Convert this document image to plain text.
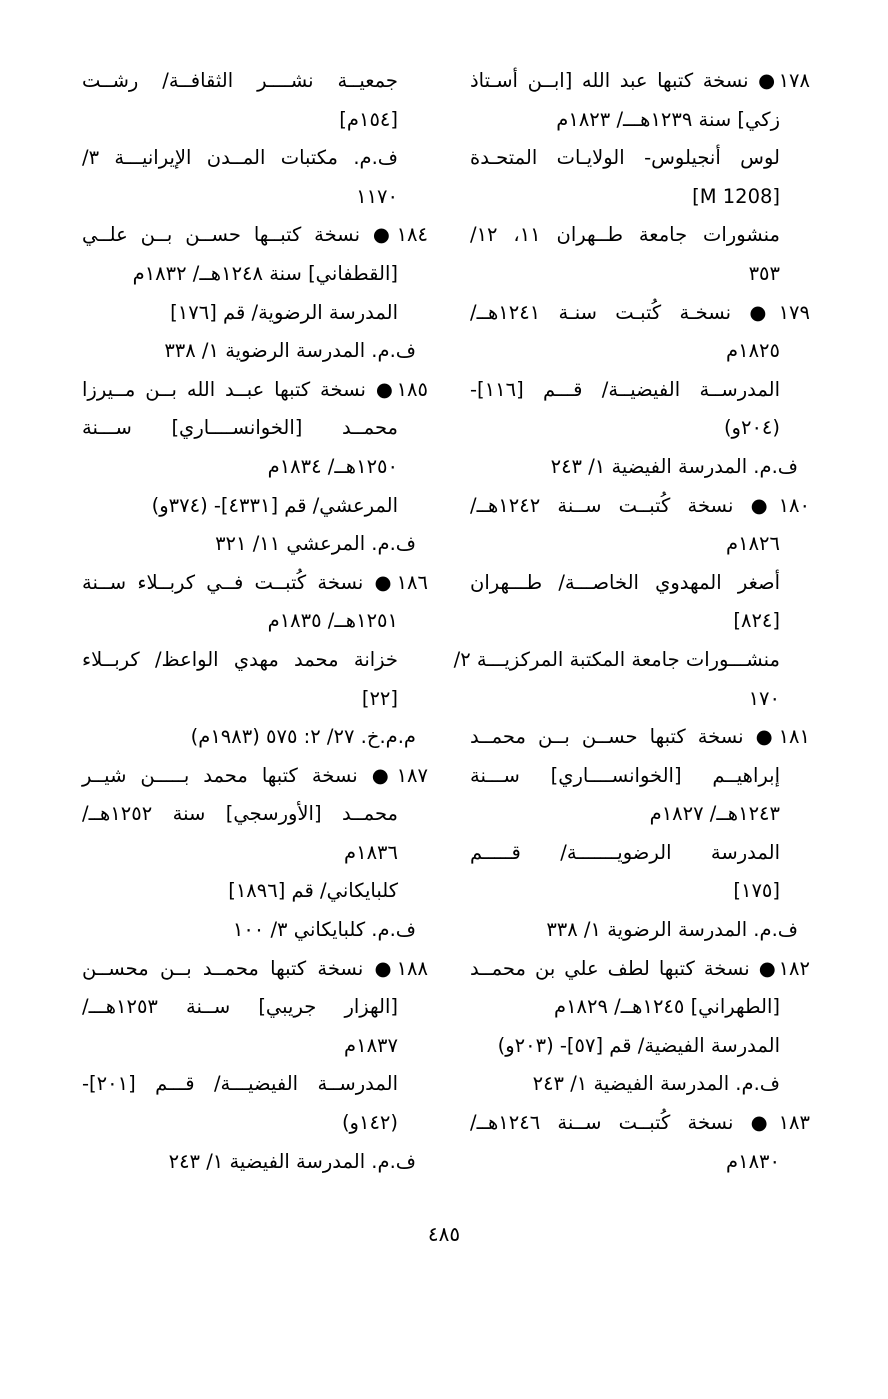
١٧٨● نسخة كتبها عبد الله [ابــن أسـتاذ
زكي] سنة ١٢٣٩هـــ/ ١٨٢٣م
لوس أنجيلوس- الولايـات المتحـدة
[M 1208]
منشورات جامعة طــهران ١١، ١٢/
٣٥٣
١٧٩● نسخـة كُتبـت سنـة ١٢٤١هــ/
١٨٢٥م
المدرســة الفيضيــة/ قـــم [١١٦]-
(٢٠٤و)
ف.م. المدرسة الفيضية ١/ ٢٤٣
١٨٠● نسخة كُتبــت ســنة ١٢٤٢هــ/
١٨٢٦م
أصغر المهدوي الخاصـــة/ طـــهران
[٨٢٤]
منشـــورات جامعة المكتبة المركزيـــة ٢/
١٧٠
١٨١● نسخة كتبها حســن بــن محمــد
إبراهيــم [الخوانســــاري] ســـنة
١٢٤٣هــ/ ١٨٢٧م
المدرسة الرضويـــــــة/ قـــــم
[١٧٥]
ف.م. المدرسة الرضوية ١/ ٣٣٨
١٨٢● نسخة كتبها لطف علي بن محمــد
[الطهراني] ١٢٤٥هــ/ ١٨٢٩م
المدرسة الفيضية/ قم [٥٧]- (٢٠٣و)
ف.م. المدرسة الفيضية ١/ ٢٤٣
١٨٣● نسخة كُتبــت ســنة ١٢٤٦هــ/
١٨٣٠م
جمعيــة نشــــر الثقافــة/ رشــت
[١٥٤م]
ف.م. مكتبات المــدن الإيرانيـــة ٣/
١١٧٠
١٨٤● نسخة كتبــها حســن بــن علــي
[القطفاني] سنة ١٢٤٨هــ/ ١٨٣٢م
المدرسة الرضوية/ قم [١٧٦]
ف.م. المدرسة الرضوية ١/ ٣٣٨
١٨٥● نسخة كتبها عبــد الله بــن مــيرزا
محمــد [الخوانســــاري] ســـنة
١٢٥٠هــ/ ١٨٣٤م
المرعشي/ قم [٤٣٣١]- (٣٧٤و)
ف.م. المرعشي ١١/ ٣٢١
١٨٦● نسخة كُتبــت فــي كربــلاء ســنة
١٢٥١هــ/ ١٨٣٥م
خزانة محمد مهدي الواعظ/ كربــلاء
[٢٢]
م.م.خ. ٢٧/ ٢: ٥٧٥ (١٩٨٣م)
١٨٧● نسخة كتبها محمد بـــــن شيــر
محمــد [الأورسجي] سنة ١٢٥٢هــ/
١٨٣٦م
كلبايكاني/ قم [١٨٩٦]
ف.م. كلبايكاني ٣/ ١٠٠
١٨٨● نسخة كتبها محمــد بــن محســن
[الهزار جريبي] ســنة ١٢٥٣هـــ/
١٨٣٧م
المدرســة الفيضيـــة/ قـــم [٢٠١]-
(١٤٢و)
ف.م. المدرسة الفيضية ١/ ٢٤٣
٤٨٥
